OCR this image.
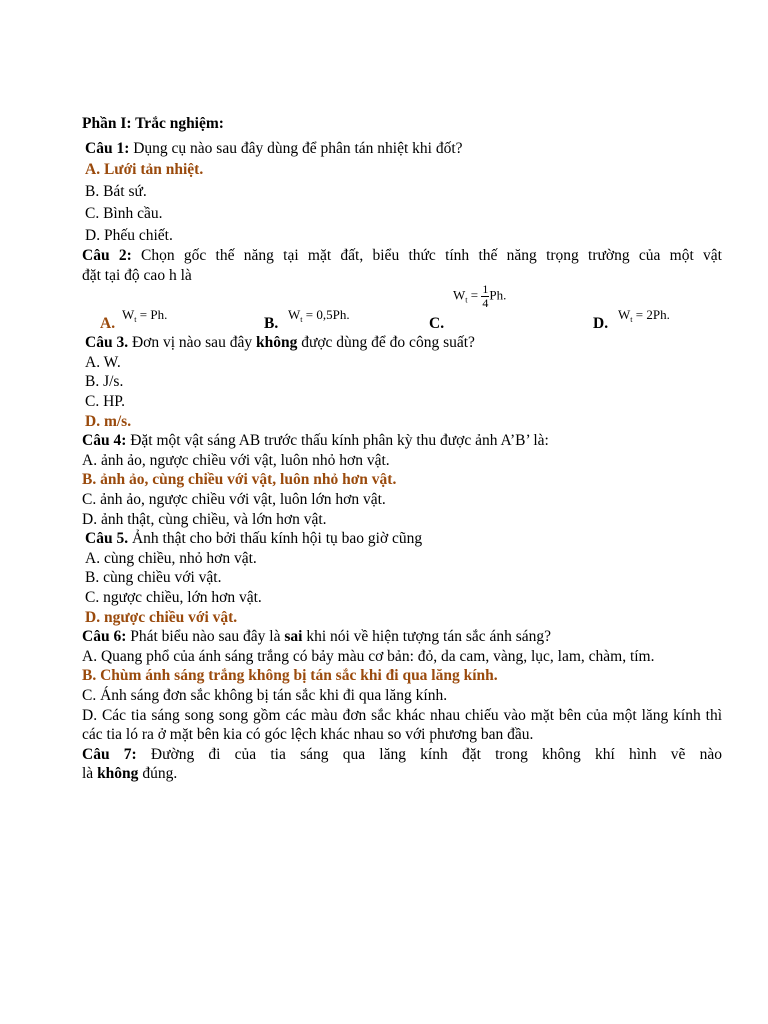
Phần I: Trắc nghiệm:
Câu 1: Dụng cụ nào sau đây dùng để phân tán nhiệt khi đốt?
A. Lưới tản nhiệt.
B. Bát sứ.
C. Bình cầu.
D. Phếu chiết.
Câu 2: Chọn gốc thế năng tại mặt đất, biểu thức tính thế năng trọng trường của một vật
đặt tại độ cao h là
A. $W_t = Ph$.	B. $W_t = 0,5Ph$.	C.
$W_t = \frac{1}{4} Ph$.
D. $W_t = 2Ph$.
Câu 3. Đơn vị nào sau đây không được dùng để đo công suất?
A. W.
B. J/s.
C. HP.
D. m/s.
Câu 4: Đặt một vật sáng AB trước thấu kính phân kỳ thu được ảnh A’B’ là:
A. ảnh ảo, ngược chiều với vật, luôn nhỏ hơn vật.
B. ảnh ảo, cùng chiều với vật, luôn nhỏ hơn vật.
C. ảnh ảo, ngược chiều với vật, luôn lớn hơn vật.
D. ảnh thật, cùng chiều, và lớn hơn vật.
Câu 5. Ảnh thật cho bởi thấu kính hội tụ bao giờ cũng
A. cùng chiều, nhỏ hơn vật.
B. cùng chiều với vật.
C. ngược chiều, lớn hơn vật.
D. ngược chiều với vật.
Câu 6: Phát biểu nào sau đây là sai khi nói về hiện tượng tán sắc ánh sáng?
A. Quang phổ của ánh sáng trắng có bảy màu cơ bản: đỏ, da cam, vàng, lục, lam, chàm, tím.
B. Chùm ánh sáng trắng không bị tán sắc khi đi qua lăng kính.
C. Ánh sáng đơn sắc không bị tán sắc khi đi qua lăng kính.
D. Các tia sáng song song gồm các màu đơn sắc khác nhau chiếu vào mặt bên của một lăng kính thì các tia ló ra ở mặt bên kia có góc lệch khác nhau so với phương ban đầu.
Câu 7: Đường đi của tia sáng qua lăng kính đặt trong không khí hình vẽ nào
là không đúng.
